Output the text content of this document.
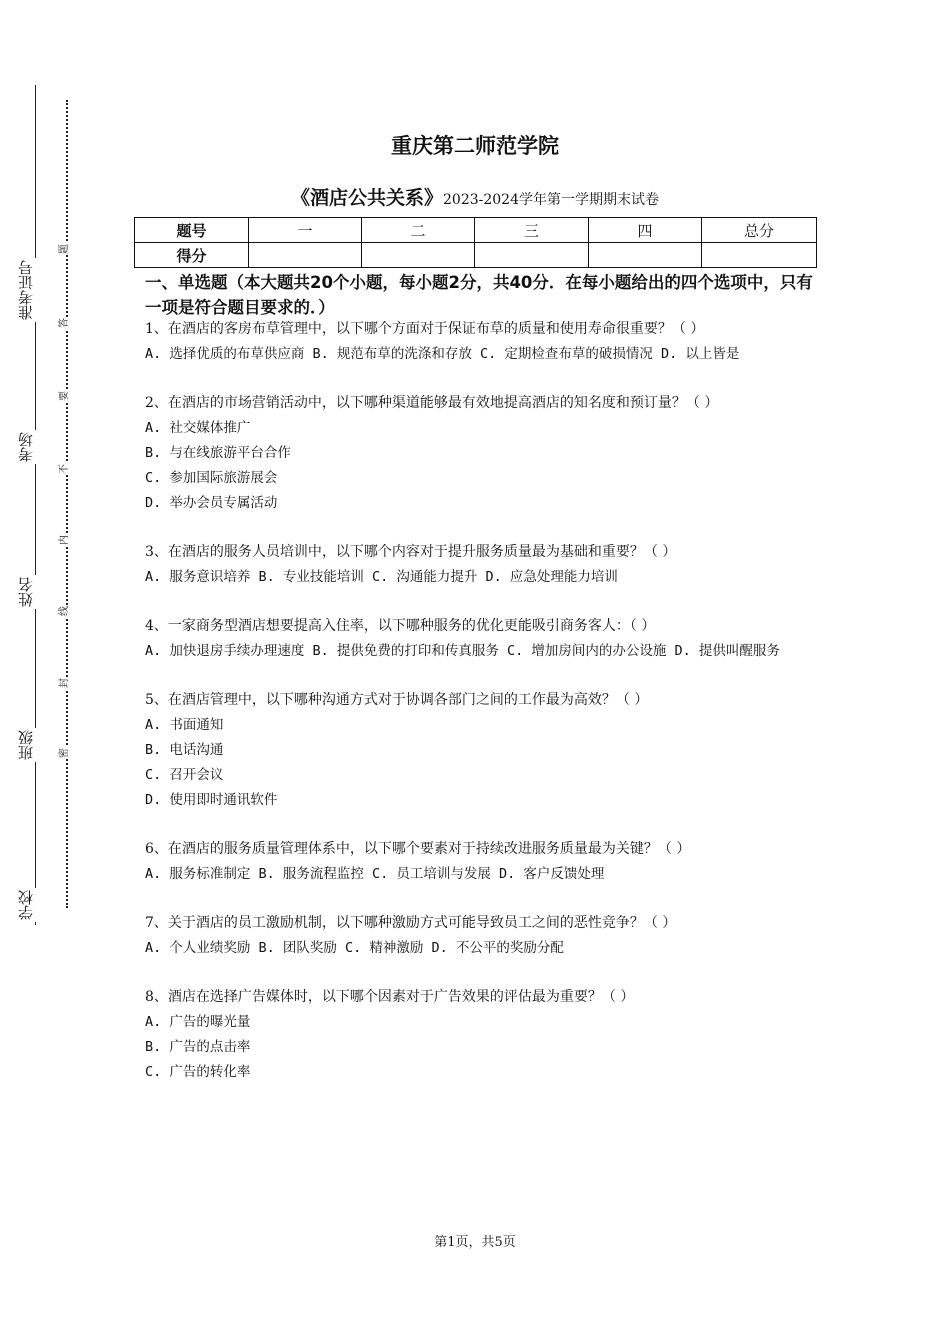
准考证号
考场
姓名
班级
学校
题
答
要
不
内
线
封
密
重庆第二师范学院
《酒店公共关系》2023-2024学年第一学期期末试卷
题号	一	二	三	四	总分
得分					
一、单选题（本大题共20个小题，每小题2分，共40分．在每小题给出的四个选项中，只有一项是符合题目要求的．）

1、在酒店的客房布草管理中，以下哪个方面对于保证布草的质量和使用寿命很重要？（ ）

A. 选择优质的布草供应商 B. 规范布草的洗涤和存放 C. 定期检查布草的破损情况 D. 以上皆是

2、在酒店的市场营销活动中，以下哪种渠道能够最有效地提高酒店的知名度和预订量？（ ）

A. 社交媒体推广

B. 与在线旅游平台合作

C. 参加国际旅游展会

D. 举办会员专属活动

3、在酒店的服务人员培训中，以下哪个内容对于提升服务质量最为基础和重要？（ ）

A. 服务意识培养 B. 专业技能培训 C. 沟通能力提升 D. 应急处理能力培训

4、一家商务型酒店想要提高入住率，以下哪种服务的优化更能吸引商务客人：（ ）

A. 加快退房手续办理速度 B. 提供免费的打印和传真服务 C. 增加房间内的办公设施 D. 提供叫醒服务

5、在酒店管理中，以下哪种沟通方式对于协调各部门之间的工作最为高效？（ ）

A. 书面通知

B. 电话沟通

C. 召开会议

D. 使用即时通讯软件

6、在酒店的服务质量管理体系中，以下哪个要素对于持续改进服务质量最为关键？（ ）

A. 服务标准制定 B. 服务流程监控 C. 员工培训与发展 D. 客户反馈处理

7、关于酒店的员工激励机制，以下哪种激励方式可能导致员工之间的恶性竞争？（ ）

A. 个人业绩奖励 B. 团队奖励 C. 精神激励 D. 不公平的奖励分配

8、酒店在选择广告媒体时，以下哪个因素对于广告效果的评估最为重要？（ ）

A. 广告的曝光量

B. 广告的点击率

C. 广告的转化率

第1页，共5页
